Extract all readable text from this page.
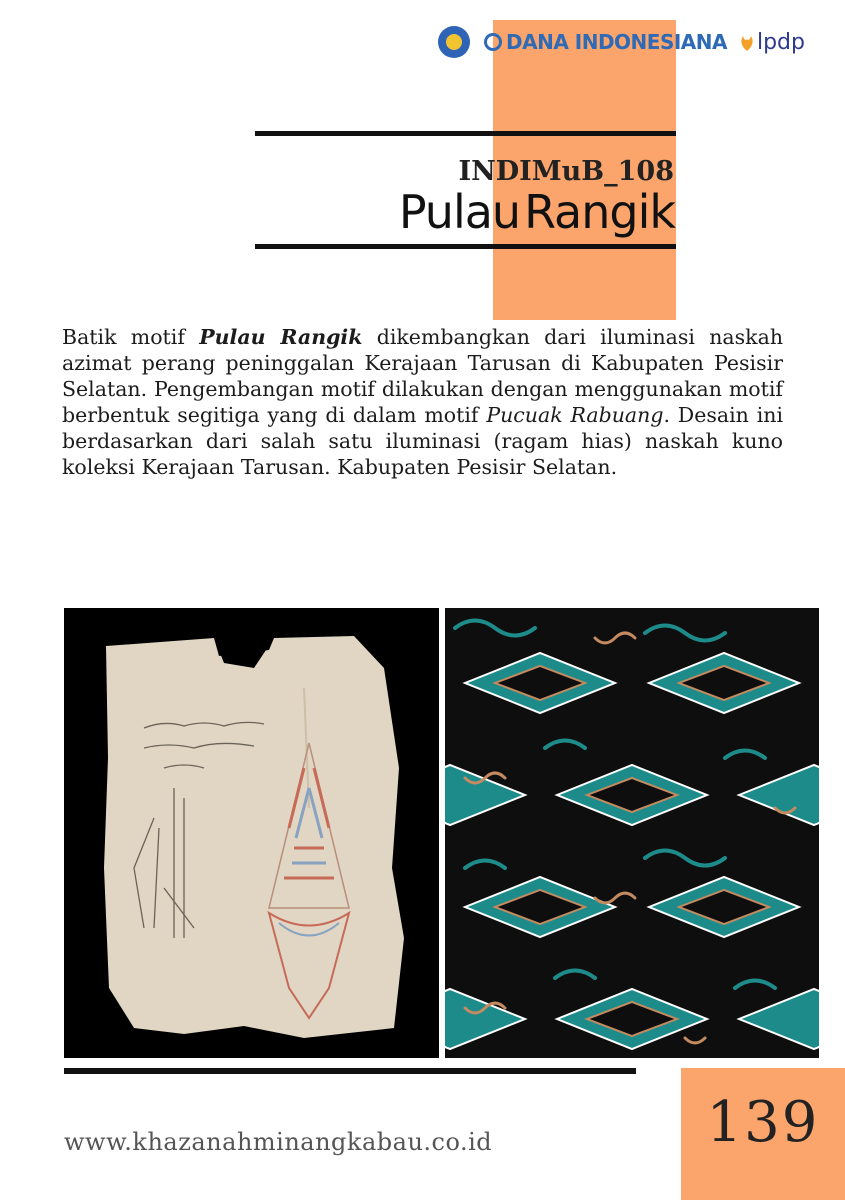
DANA INDONESIANA lpdp
INDIMuB_108
PulauRangik

Batik motif Pulau Rangik dikembangkan dari iluminasi naskah azimat perang peninggalan Kerajaan Tarusan di Kabupaten Pesisir Selatan. Pengembangan motif dilakukan dengan menggunakan motif berbentuk segitiga yang di dalam motif Pucuak Rabuang. Desain ini berdasarkan dari salah satu iluminasi (ragam hias) naskah kuno koleksi Kerajaan Tarusan. Kabupaten Pesisir Selatan.

139
www.khazanahminangkabau.co.id
